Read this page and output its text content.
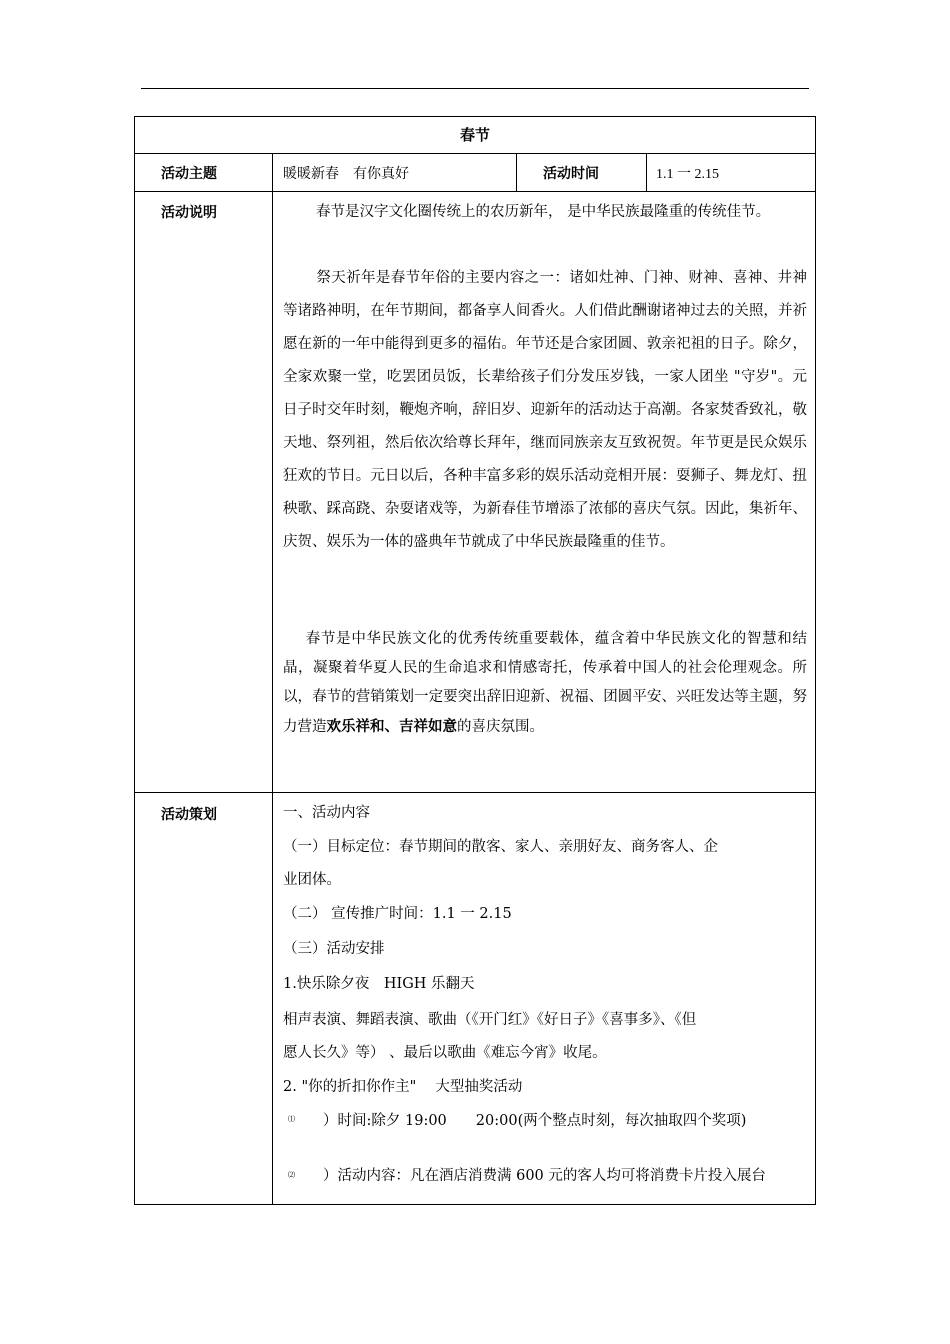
春节
活动主题	暖暖新春　有你真好	活动时间	1.1 一 2.15
活动说明	春节是汉字文化圈传统上的农历新年， 是中华民族最隆重的传统佳节。

祭天祈年是春节年俗的主要内容之一：诸如灶神、门神、财神、喜神、井神等诸路神明，在年节期间，都备享人间香火。人们借此酬谢诸神过去的关照，并祈愿在新的一年中能得到更多的福佑。年节还是合家团圆、敦亲祀祖的日子。除夕，全家欢聚一堂，吃罢团员饭，长辈给孩子们分发压岁钱，一家人团坐 "守岁"。元日子时交年时刻，鞭炮齐响，辞旧岁、迎新年的活动达于高潮。各家焚香致礼，敬天地、祭列祖，然后依次给尊长拜年，继而同族亲友互致祝贺。年节更是民众娱乐狂欢的节日。元日以后，各种丰富多彩的娱乐活动竞相开展：耍狮子、舞龙灯、扭秧歌、踩高跷、杂耍诸戏等，为新春佳节增添了浓郁的喜庆气氛。因此，集祈年、庆贺、娱乐为一体的盛典年节就成了中华民族最隆重的佳节。

春节是中华民族文化的优秀传统重要载体，蕴含着中华民族文化的智慧和结晶，凝聚着华夏人民的生命追求和情感寄托，传承着中国人的社会伦理观念。所以，春节的营销策划一定要突出辞旧迎新、祝福、团圆平安、兴旺发达等主题，努力营造欢乐祥和、吉祥如意的喜庆氛围。

活动策划	一、活动内容
（一）目标定位：春节期间的散客、家人、亲朋好友、商务客人、企
业团体。
（二） 宣传推广时间：1.1 一 2.15
（三）活动安排
1.快乐除夕夜　HIGH 乐翻天
相声表演、舞蹈表演、歌曲（《开门红》《好日子》《喜事多》、《但
愿人长久》等） 、最后以歌曲《难忘今宵》收尾。
2. "你的折扣你作主"　 大型抽奖活动
⑴ ）时间:除夕 19:00　　20:00(两个整点时刻，每次抽取四个奖项)
⑵ ）活动内容：凡在酒店消费满 600 元的客人均可将消费卡片投入展台
